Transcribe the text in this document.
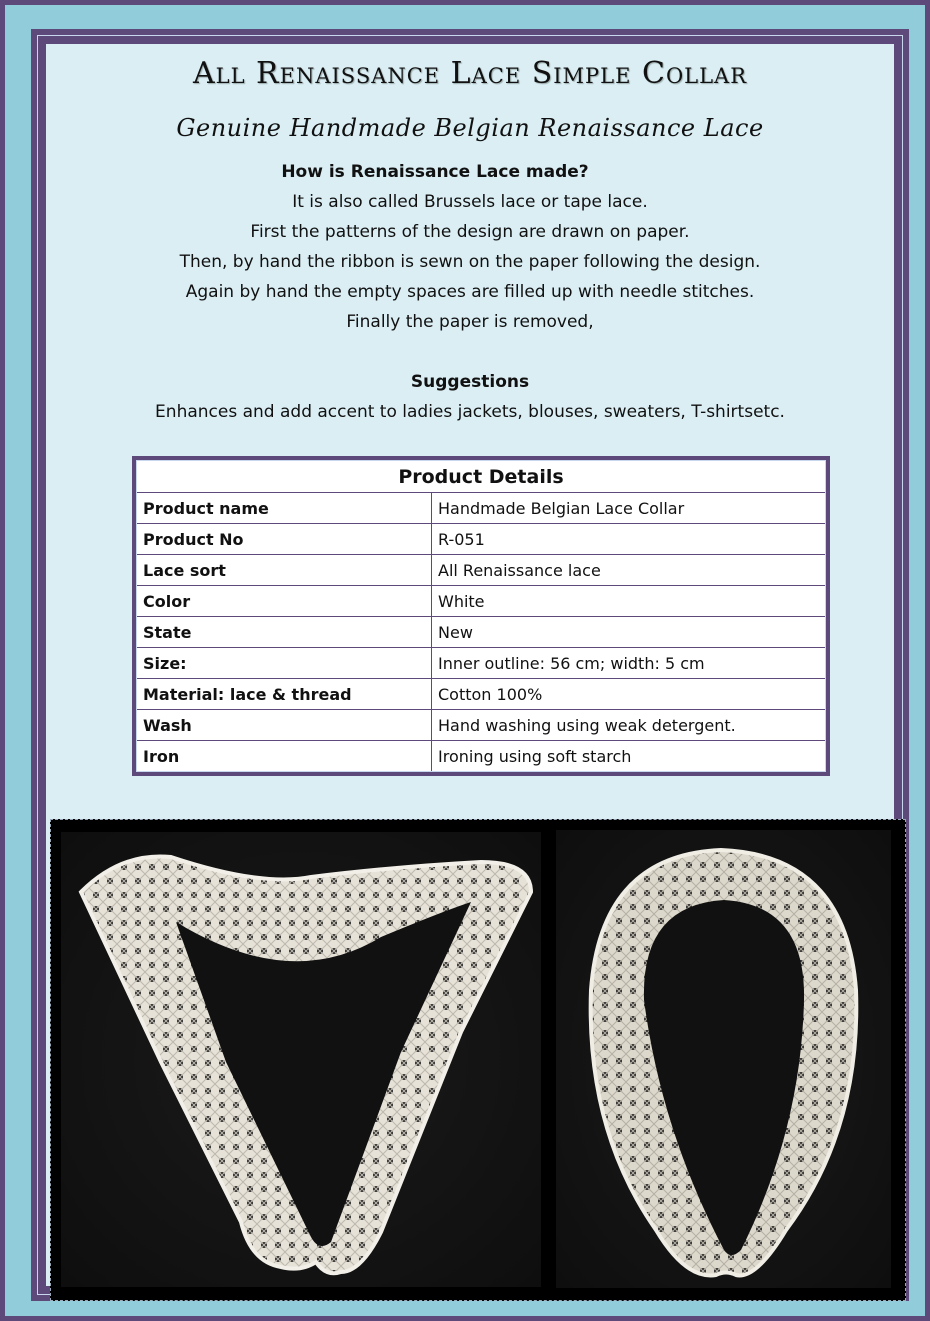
All Renaissance Lace Simple Collar
Genuine Handmade Belgian Renaissance Lace
How is Renaissance Lace made?
It is also called Brussels lace or tape lace.
First the patterns of the design are drawn on paper.
Then, by hand the ribbon is sewn on the paper following the design.
Again by hand the empty spaces are filled up with needle stitches.
Finally the paper is removed,
Suggestions
Enhances and add accent to ladies jackets, blouses, sweaters, T-shirtsetc.
Product Details	
Product name	Handmade Belgian Lace Collar
Product No	R-051
Lace sort	All Renaissance lace
Color	White
State	New
Size:	Inner outline: 56 cm; width: 5 cm
Material: lace & thread	Cotton 100%
Wash	Hand washing using weak detergent.
Iron	Ironing using soft starch
